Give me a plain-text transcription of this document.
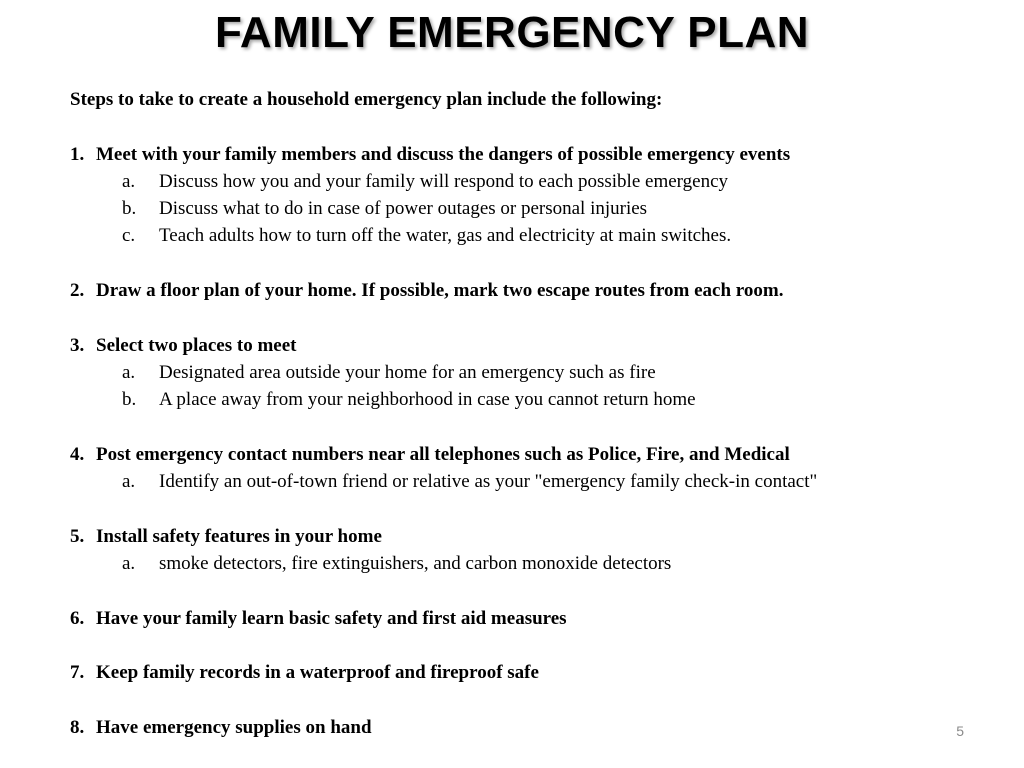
FAMILY EMERGENCY PLAN
Steps to take to create a household emergency plan include the following:
1. Meet with your family members and discuss the dangers of possible emergency events
a.	Discuss how you and your family will respond to each possible emergency
b.	Discuss what to do in case of power outages or personal injuries
c.	Teach adults how to turn off the water, gas and electricity at main switches.
2. Draw a floor plan of your home. If possible, mark two escape routes from each room.
3. Select two places to meet
a.	Designated area outside your home for an emergency such as fire
b.	A place away from your neighborhood in case you cannot return home
4. Post emergency contact numbers near all telephones such as Police, Fire, and Medical
a.	Identify an out-of-town friend or relative as your "emergency family check-in contact"
5. Install safety features in your home
a.	smoke detectors, fire extinguishers, and carbon monoxide detectors
6. Have your family learn basic safety and first aid measures
7. Keep family records in a waterproof and fireproof safe
8. Have emergency supplies on hand	5
